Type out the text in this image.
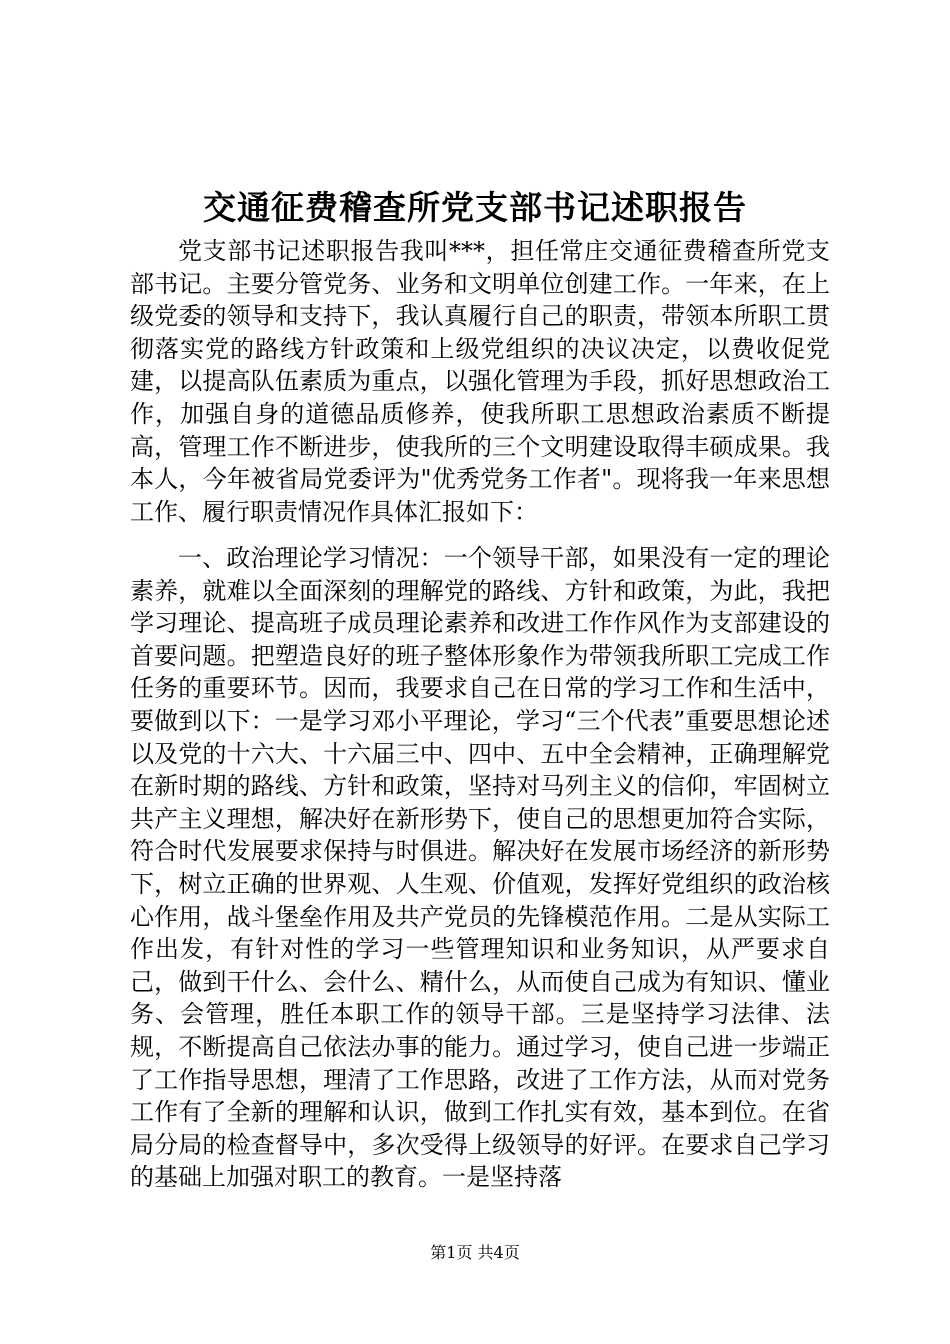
交通征费稽查所党支部书记述职报告

党支部书记述职报告我叫***，担任常庄交通征费稽查所党支部书记。主要分管党务、业务和文明单位创建工作。一年来，在上级党委的领导和支持下，我认真履行自己的职责，带领本所职工贯彻落实党的路线方针政策和上级党组织的决议决定，以费收促党建，以提高队伍素质为重点，以强化管理为手段，抓好思想政治工作，加强自身的道德品质修养，使我所职工思想政治素质不断提高，管理工作不断进步，使我所的三个文明建设取得丰硕成果。我本人，今年被省局党委评为"优秀党务工作者"。现将我一年来思想工作、履行职责情况作具体汇报如下：

一、政治理论学习情况：一个领导干部，如果没有一定的理论素养，就难以全面深刻的理解党的路线、方针和政策，为此，我把学习理论、提高班子成员理论素养和改进工作作风作为支部建设的首要问题。把塑造良好的班子整体形象作为带领我所职工完成工作任务的重要环节。因而，我要求自己在日常的学习工作和生活中，要做到以下：一是学习邓小平理论，学习“三个代表”重要思想论述以及党的十六大、十六届三中、四中、五中全会精神，正确理解党在新时期的路线、方针和政策，坚持对马列主义的信仰，牢固树立共产主义理想，解决好在新形势下，使自己的思想更加符合实际，符合时代发展要求保持与时俱进。解决好在发展市场经济的新形势下，树立正确的世界观、人生观、价值观，发挥好党组织的政治核心作用，战斗堡垒作用及共产党员的先锋模范作用。二是从实际工作出发，有针对性的学习一些管理知识和业务知识，从严要求自己，做到干什么、会什么、精什么，从而使自己成为有知识、懂业务、会管理，胜任本职工作的领导干部。三是坚持学习法律、法规，不断提高自己依法办事的能力。通过学习，使自己进一步端正了工作指导思想，理清了工作思路，改进了工作方法，从而对党务工作有了全新的理解和认识，做到工作扎实有效，基本到位。在省局分局的检查督导中，多次受得上级领导的好评。在要求自己学习的基础上加强对职工的教育。一是坚持落

第1页 共4页
